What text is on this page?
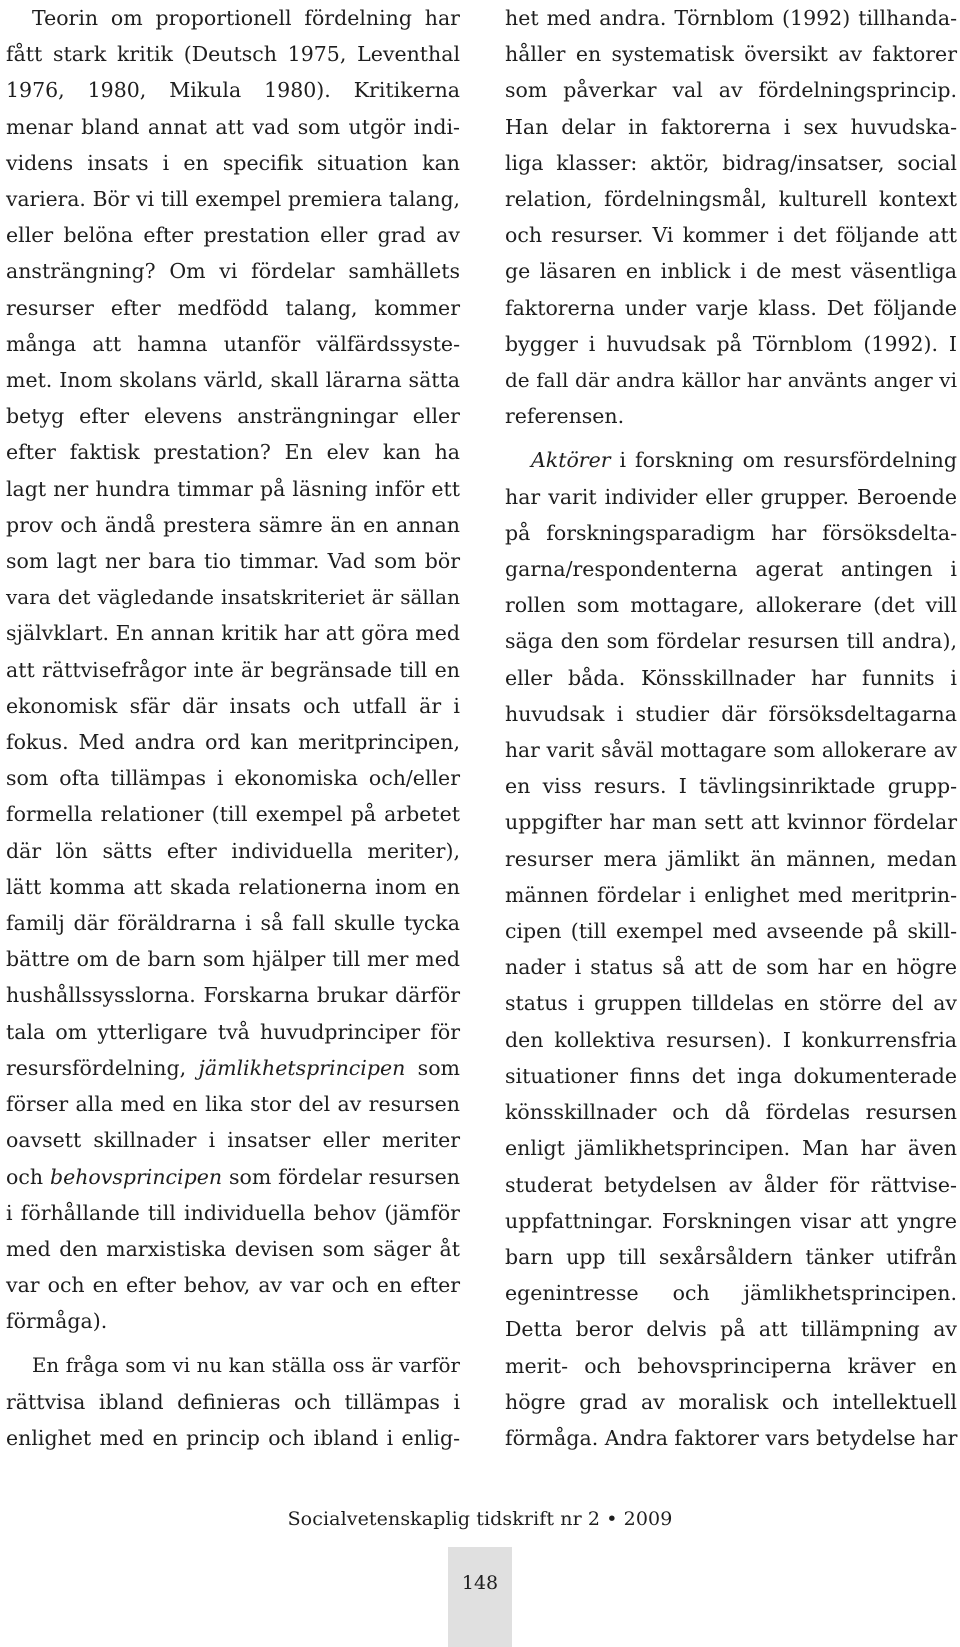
Teorin om proportionell fördelning har
fått stark kritik (Deutsch 1975, Leventhal
1976, 1980, Mikula 1980). Kritikerna
menar bland annat att vad som utgör indi-
videns insats i en specifik situation kan
variera. Bör vi till exempel premiera talang,
eller belöna efter prestation eller grad av
ansträngning? Om vi fördelar samhällets
resurser efter medfödd talang, kommer
många att hamna utanför välfärdssyste-
met. Inom skolans värld, skall lärarna sätta
betyg efter elevens ansträngningar eller
efter faktisk prestation? En elev kan ha
lagt ner hundra timmar på läsning inför ett
prov och ändå prestera sämre än en annan
som lagt ner bara tio timmar. Vad som bör
vara det vägledande insatskriteriet är sällan
självklart. En annan kritik har att göra med
att rättvisefrågor inte är begränsade till en
ekonomisk sfär där insats och utfall är i
fokus. Med andra ord kan meritprincipen,
som ofta tillämpas i ekonomiska och/eller
formella relationer (till exempel på arbetet
där lön sätts efter individuella meriter),
lätt komma att skada relationerna inom en
familj där föräldrarna i så fall skulle tycka
bättre om de barn som hjälper till mer med
hushållssysslorna. Forskarna brukar därför
tala om ytterligare två huvudprinciper för
resursfördelning, jämlikhetsprincipen som
förser alla med en lika stor del av resursen
oavsett skillnader i insatser eller meriter
och behovsprincipen som fördelar resursen
i förhållande till individuella behov (jämför
med den marxistiska devisen som säger åt
var och en efter behov, av var och en efter
förmåga).

En fråga som vi nu kan ställa oss är varför
rättvisa ibland definieras och tillämpas i
enlighet med en princip och ibland i enlig-

het med andra. Törnblom (1992) tillhanda-
håller en systematisk översikt av faktorer
som påverkar val av fördelningsprincip.
Han delar in faktorerna i sex huvudska-
liga klasser: aktör, bidrag/insatser, social
relation, fördelningsmål, kulturell kontext
och resurser. Vi kommer i det följande att
ge läsaren en inblick i de mest väsentliga
faktorerna under varje klass. Det följande
bygger i huvudsak på Törnblom (1992). I
de fall där andra källor har använts anger vi
referensen.

Aktörer i forskning om resursfördelning
har varit individer eller grupper. Beroende
på forskningsparadigm har försöksdelta-
garna/respondenterna agerat antingen i
rollen som mottagare, allokerare (det vill
säga den som fördelar resursen till andra),
eller båda. Könsskillnader har funnits i
huvudsak i studier där försöksdeltagarna
har varit såväl mottagare som allokerare av
en viss resurs. I tävlingsinriktade grupp-
uppgifter har man sett att kvinnor fördelar
resurser mera jämlikt än männen, medan
männen fördelar i enlighet med meritprin-
cipen (till exempel med avseende på skill-
nader i status så att de som har en högre
status i gruppen tilldelas en större del av
den kollektiva resursen). I konkurrensfria
situationer finns det inga dokumenterade
könsskillnader och då fördelas resursen
enligt jämlikhetsprincipen. Man har även
studerat betydelsen av ålder för rättvise-
uppfattningar. Forskningen visar att yngre
barn upp till sexårsåldern tänker utifrån
egenintresse och jämlikhetsprincipen.
Detta beror delvis på att tillämpning av
merit- och behovsprinciperna kräver en
högre grad av moralisk och intellektuell
förmåga. Andra faktorer vars betydelse har

Socialvetenskaplig tidskrift nr 2 • 2009
148
